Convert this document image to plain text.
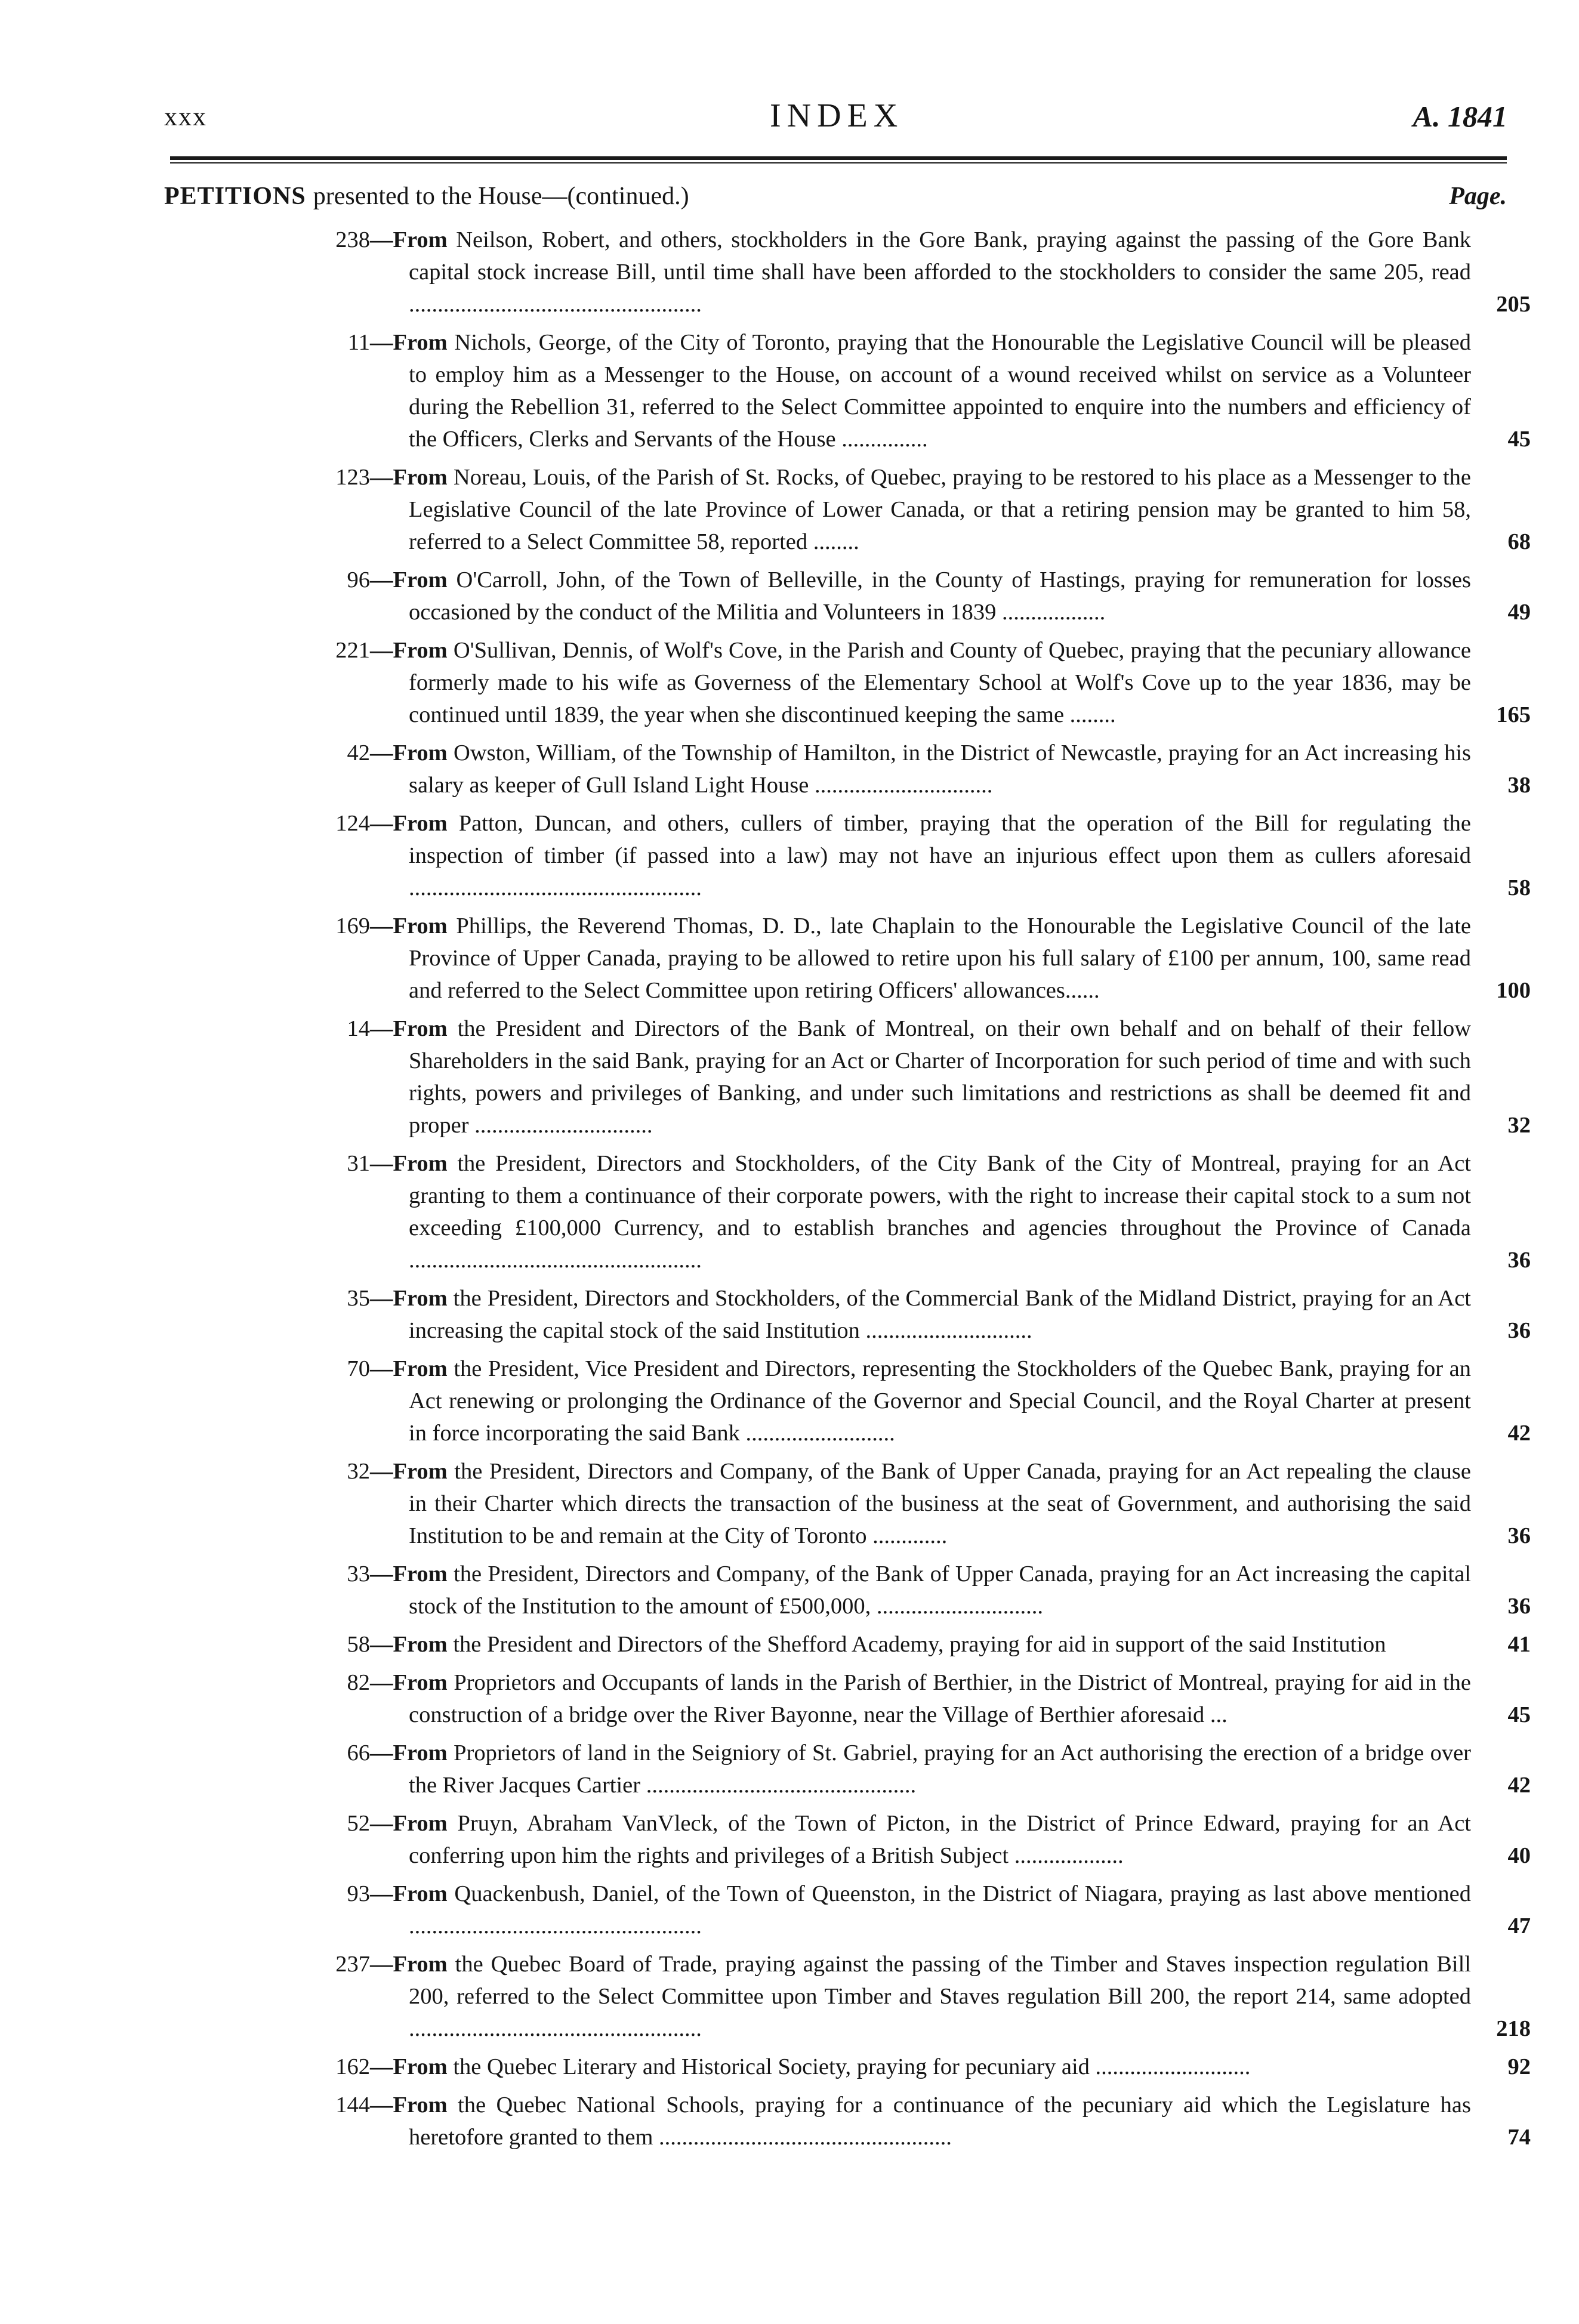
xxx	INDEX	A. 1841
PETITIONS presented to the House—(continued.)	Page.
238—From Neilson, Robert, and others, stockholders in the Gore Bank, praying against the passing of the Gore Bank capital stock increase Bill, until time shall have been afforded to the stockholders to consider the same 205, read ...................................................	205
11—From Nichols, George, of the City of Toronto, praying that the Honourable the Legislative Council will be pleased to employ him as a Messenger to the House, on account of a wound received whilst on service as a Volunteer during the Rebellion 31, referred to the Select Committee appointed to enquire into the numbers and efficiency of the Officers, Clerks and Servants of the House ...............	45
123—From Noreau, Louis, of the Parish of St. Rocks, of Quebec, praying to be restored to his place as a Messenger to the Legislative Council of the late Province of Lower Canada, or that a retiring pension may be granted to him 58, referred to a Select Committee 58, reported ........	68
96—From O'Carroll, John, of the Town of Belleville, in the County of Hastings, praying for remuneration for losses occasioned by the conduct of the Militia and Volunteers in 1839 ..................	49
221—From O'Sullivan, Dennis, of Wolf's Cove, in the Parish and County of Quebec, praying that the pecuniary allowance formerly made to his wife as Governess of the Elementary School at Wolf's Cove up to the year 1836, may be continued until 1839, the year when she discontinued keeping the same ........	165
42—From Owston, William, of the Township of Hamilton, in the District of Newcastle, praying for an Act increasing his salary as keeper of Gull Island Light House ...............................	38
124—From Patton, Duncan, and others, cullers of timber, praying that the operation of the Bill for regulating the inspection of timber (if passed into a law) may not have an injurious effect upon them as cullers aforesaid ...................................................	58
169—From Phillips, the Reverend Thomas, D. D., late Chaplain to the Honourable the Legislative Council of the late Province of Upper Canada, praying to be allowed to retire upon his full salary of £100 per annum, 100, same read and referred to the Select Committee upon retiring Officers' allowances......	100
14—From the President and Directors of the Bank of Montreal, on their own behalf and on behalf of their fellow Shareholders in the said Bank, praying for an Act or Charter of Incorporation for such period of time and with such rights, powers and privileges of Banking, and under such limitations and restrictions as shall be deemed fit and proper ...............................	32
31—From the President, Directors and Stockholders, of the City Bank of the City of Montreal, praying for an Act granting to them a continuance of their corporate powers, with the right to increase their capital stock to a sum not exceeding £100,000 Currency, and to establish branches and agencies throughout the Province of Canada ...................................................	36
35—From the President, Directors and Stockholders, of the Commercial Bank of the Midland District, praying for an Act increasing the capital stock of the said Institution .............................	36
70—From the President, Vice President and Directors, representing the Stockholders of the Quebec Bank, praying for an Act renewing or prolonging the Ordinance of the Governor and Special Council, and the Royal Charter at present in force incorporating the said Bank ..........................	42
32—From the President, Directors and Company, of the Bank of Upper Canada, praying for an Act repealing the clause in their Charter which directs the transaction of the business at the seat of Government, and authorising the said Institution to be and remain at the City of Toronto .............	36
33—From the President, Directors and Company, of the Bank of Upper Canada, praying for an Act increasing the capital stock of the Institution to the amount of £500,000, .............................	36
58—From the President and Directors of the Shefford Academy, praying for aid in support of the said Institution	41
82—From Proprietors and Occupants of lands in the Parish of Berthier, in the District of Montreal, praying for aid in the construction of a bridge over the River Bayonne, near the Village of Berthier aforesaid ...	45
66—From Proprietors of land in the Seigniory of St. Gabriel, praying for an Act authorising the erection of a bridge over the River Jacques Cartier ...............................................	42
52—From Pruyn, Abraham VanVleck, of the Town of Picton, in the District of Prince Edward, praying for an Act conferring upon him the rights and privileges of a British Subject ...................	40
93—From Quackenbush, Daniel, of the Town of Queenston, in the District of Niagara, praying as last above mentioned ...................................................	47
237—From the Quebec Board of Trade, praying against the passing of the Timber and Staves inspection regulation Bill 200, referred to the Select Committee upon Timber and Staves regulation Bill 200, the report 214, same adopted ...................................................	218
162—From the Quebec Literary and Historical Society, praying for pecuniary aid ...........................	92
144—From the Quebec National Schools, praying for a continuance of the pecuniary aid which the Legislature has heretofore granted to them ...................................................	74
